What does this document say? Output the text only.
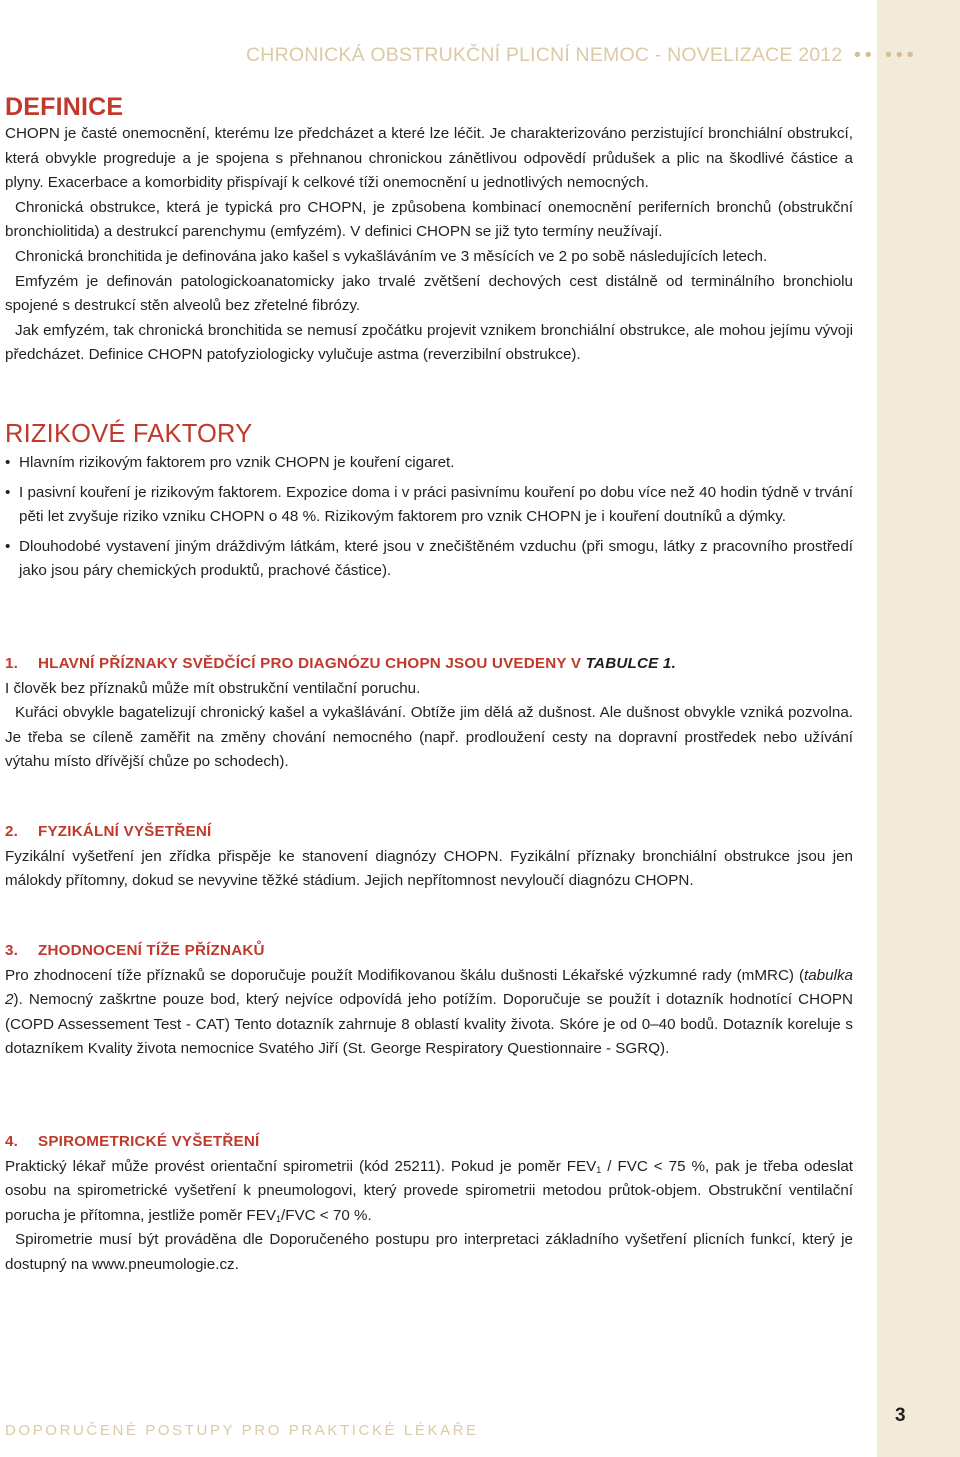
CHRONICKÁ OBSTRUKČNÍ PLICNÍ NEMOC - NOVELIZACE 2012 •• •••
DEFINICE

CHOPN je časté onemocnění, kterému lze předcházet a které lze léčit. Je charakterizováno perzistující bronchiální obstrukcí, která obvykle progreduje a je spojena s přehnanou chronickou zánětlivou odpovědí průdušek a plic na škodlivé částice a plyny. Exacerbace a komorbidity přispívají k celkové tíži onemocnění u jednotlivých nemocných.

Chronická obstrukce, která je typická pro CHOPN, je způsobena kombinací onemocnění periferních bronchů (obstrukční bronchiolitida) a destrukcí parenchymu (emfyzém). V definici CHOPN se již tyto termíny neužívají.

Chronická bronchitida je definována jako kašel s vykašláváním ve 3 měsících ve 2 po sobě následujících letech.

Emfyzém je definován patologickoanatomicky jako trvalé zvětšení dechových cest distálně od terminálního bronchiolu spojené s destrukcí stěn alveolů bez zřetelné fibrózy.

Jak emfyzém, tak chronická bronchitida se nemusí zpočátku projevit vznikem bronchiální obstrukce, ale mohou jejímu vývoji předcházet. Definice CHOPN patofyziologicky vylučuje astma (reverzibilní obstrukce).

RIZIKOVÉ FAKTORY
• Hlavním rizikovým faktorem pro vznik CHOPN je kouření cigaret.
• I pasivní kouření je rizikovým faktorem. Expozice doma i v práci pasivnímu kouření po dobu více než 40 hodin týdně v trvání pěti let zvyšuje riziko vzniku CHOPN o 48 %. Rizikovým faktorem pro vznik CHOPN je i kouření doutníků a dýmky.
• Dlouhodobé vystavení jiným dráždivým látkám, které jsou v znečištěném vzduchu (při smogu, látky z pracovního prostředí jako jsou páry chemických produktů, prachové částice).
1. HLAVNÍ PŘÍZNAKY SVĚDČÍCÍ PRO DIAGNÓZU CHOPN JSOU UVEDENY V TABULCE 1.

I člověk bez příznaků může mít obstrukční ventilační poruchu.

Kuřáci obvykle bagatelizují chronický kašel a vykašlávání. Obtíže jim dělá až dušnost. Ale dušnost obvykle vzniká pozvolna. Je třeba se cíleně zaměřit na změny chování nemocného (např. prodloužení cesty na dopravní prostředek nebo užívání výtahu místo dřívější chůze po schodech).

2. FYZIKÁLNÍ VYŠETŘENÍ

Fyzikální vyšetření jen zřídka přispěje ke stanovení diagnózy CHOPN. Fyzikální příznaky bronchiální obstrukce jsou jen málokdy přítomny, dokud se nevyvine těžké stádium. Jejich nepřítomnost nevyloučí diagnózu CHOPN.

3. ZHODNOCENÍ TÍŽE PŘÍZNAKŮ

Pro zhodnocení tíže příznaků se doporučuje použít Modifikovanou škálu dušnosti Lékařské výzkumné rady (mMRC) (tabulka 2). Nemocný zaškrtne pouze bod, který nejvíce odpovídá jeho potížím. Doporučuje se použít i dotazník hodnotící CHOPN (COPD Assessement Test - CAT) Tento dotazník zahrnuje 8 oblastí kvality života. Skóre je od 0–40 bodů. Dotazník koreluje s dotazníkem Kvality života nemocnice Svatého Jiří (St. George Respiratory Questionnaire - SGRQ).

4. SPIROMETRICKÉ VYŠETŘENÍ

Praktický lékař může provést orientační spirometrii (kód 25211). Pokud je poměr $FEV_1$ / FVC < 75 %, pak je třeba odeslat osobu na spirometrické vyšetření k pneumologovi, který provede spirometrii metodou průtok-objem. Obstrukční ventilační porucha je přítomna, jestliže poměr $FEV_1$/FVC < 70 %.

Spirometrie musí být prováděna dle Doporučeného postupu pro interpretaci základního vyšetření plicních funkcí, který je dostupný na www.pneumologie.cz.

DOPORUČENÉ POSTUPY PRO PRAKTICKÉ LÉKAŘE
3
